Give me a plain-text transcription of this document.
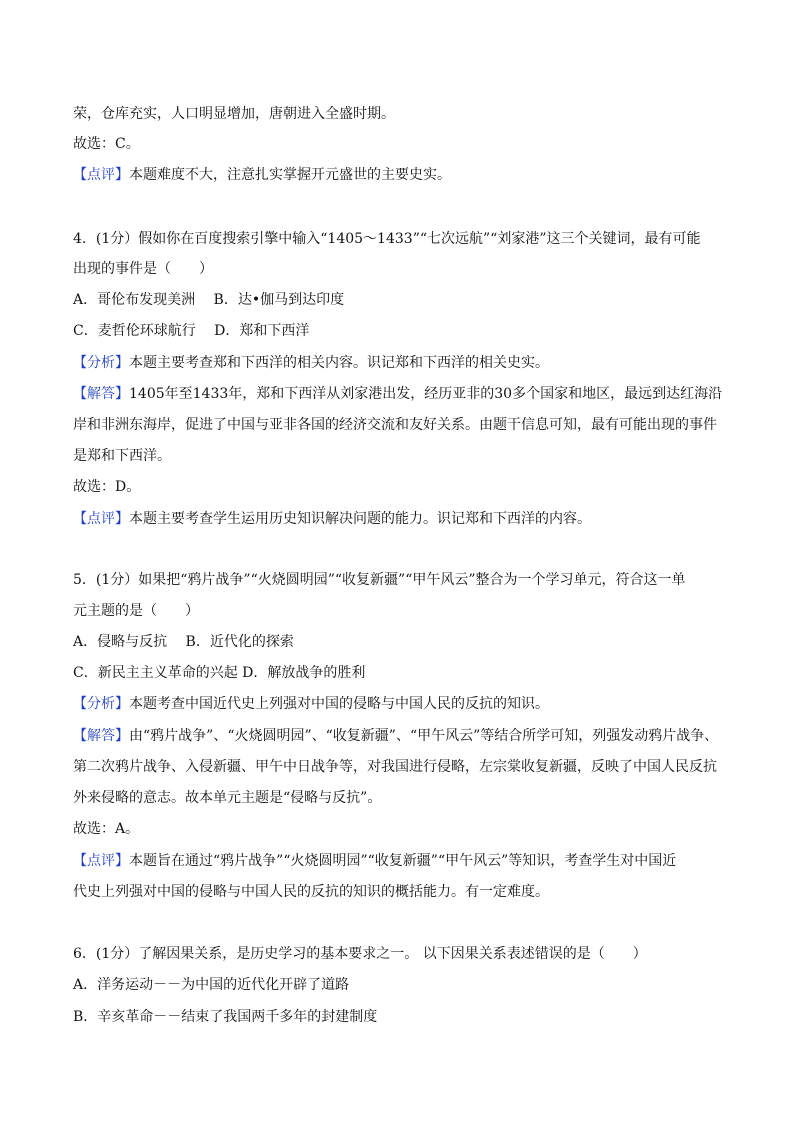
荣，仓库充实，人口明显增加，唐朝进入全盛时期。
故选：C。
【点评】本题难度不大，注意扎实掌握开元盛世的主要史实。
4．(1分）假如你在百度搜索引擎中输入“1405～1433”“七次远航”“刘家港”这三个关键词，最有可能
出现的事件是（　　）
A．哥伦布发现美洲　 B．达•伽马到达印度
C．麦哲伦环球航行　 D．郑和下西洋
【分析】本题主要考查郑和下西洋的相关内容。识记郑和下西洋的相关史实。
【解答】1405年至1433年，郑和下西洋从刘家港出发，经历亚非的30多个国家和地区，最远到达红海沿
岸和非洲东海岸，促进了中国与亚非各国的经济交流和友好关系。由题干信息可知，最有可能出现的事件
是郑和下西洋。
故选：D。
【点评】本题主要考查学生运用历史知识解决问题的能力。识记郑和下西洋的内容。
5．(1分）如果把“鸦片战争”“火烧圆明园”“收复新疆”“甲午风云”整合为一个学习单元，符合这一单
元主题的是（　　）
A．侵略与反抗　 B．近代化的探索
C．新民主主义革命的兴起 D．解放战争的胜利
【分析】本题考查中国近代史上列强对中国的侵略与中国人民的反抗的知识。
【解答】由“鸦片战争”、“火烧圆明园”、“收复新疆”、“甲午风云”等结合所学可知，列强发动鸦片战争、
第二次鸦片战争、入侵新疆、甲午中日战争等，对我国进行侵略，左宗棠收复新疆，反映了中国人民反抗
外来侵略的意志。故本单元主题是“侵略与反抗”。
故选：A。
【点评】本题旨在通过“鸦片战争”“火烧圆明园”“收复新疆”“甲午风云”等知识，考查学生对中国近
代史上列强对中国的侵略与中国人民的反抗的知识的概括能力。有一定难度。
6．(1分）了解因果关系，是历史学习的基本要求之一。 以下因果关系表述错误的是（　　）
A．洋务运动－－为中国的近代化开辟了道路
B．辛亥革命－－结束了我国两千多年的封建制度
